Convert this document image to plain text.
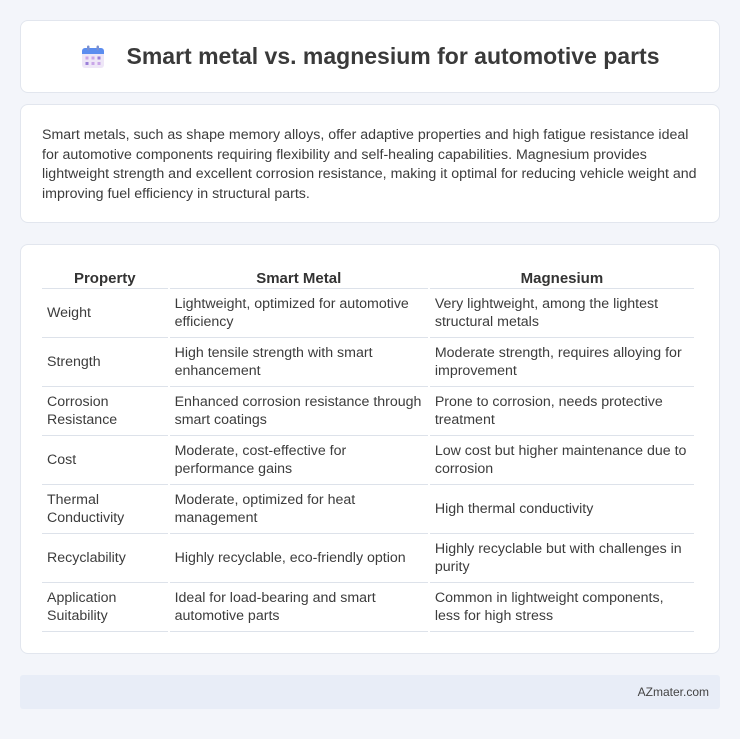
Smart metal vs. magnesium for automotive parts

Smart metals, such as shape memory alloys, offer adaptive properties and high fatigue resistance ideal for automotive components requiring flexibility and self-healing capabilities. Magnesium provides lightweight strength and excellent corrosion resistance, making it optimal for reducing vehicle weight and improving fuel efficiency in structural parts.

Property	Smart Metal	Magnesium
Weight	Lightweight, optimized for automotive efficiency	Very lightweight, among the lightest structural metals
Strength	High tensile strength with smart enhancement	Moderate strength, requires alloying for improvement
Corrosion Resistance	Enhanced corrosion resistance through smart coatings	Prone to corrosion, needs protective treatment
Cost	Moderate, cost-effective for performance gains	Low cost but higher maintenance due to corrosion
Thermal Conductivity	Moderate, optimized for heat management	High thermal conductivity
Recyclability	Highly recyclable, eco-friendly option	Highly recyclable but with challenges in purity
Application Suitability	Ideal for load-bearing and smart automotive parts	Common in lightweight components, less for high stress
AZmater.com
